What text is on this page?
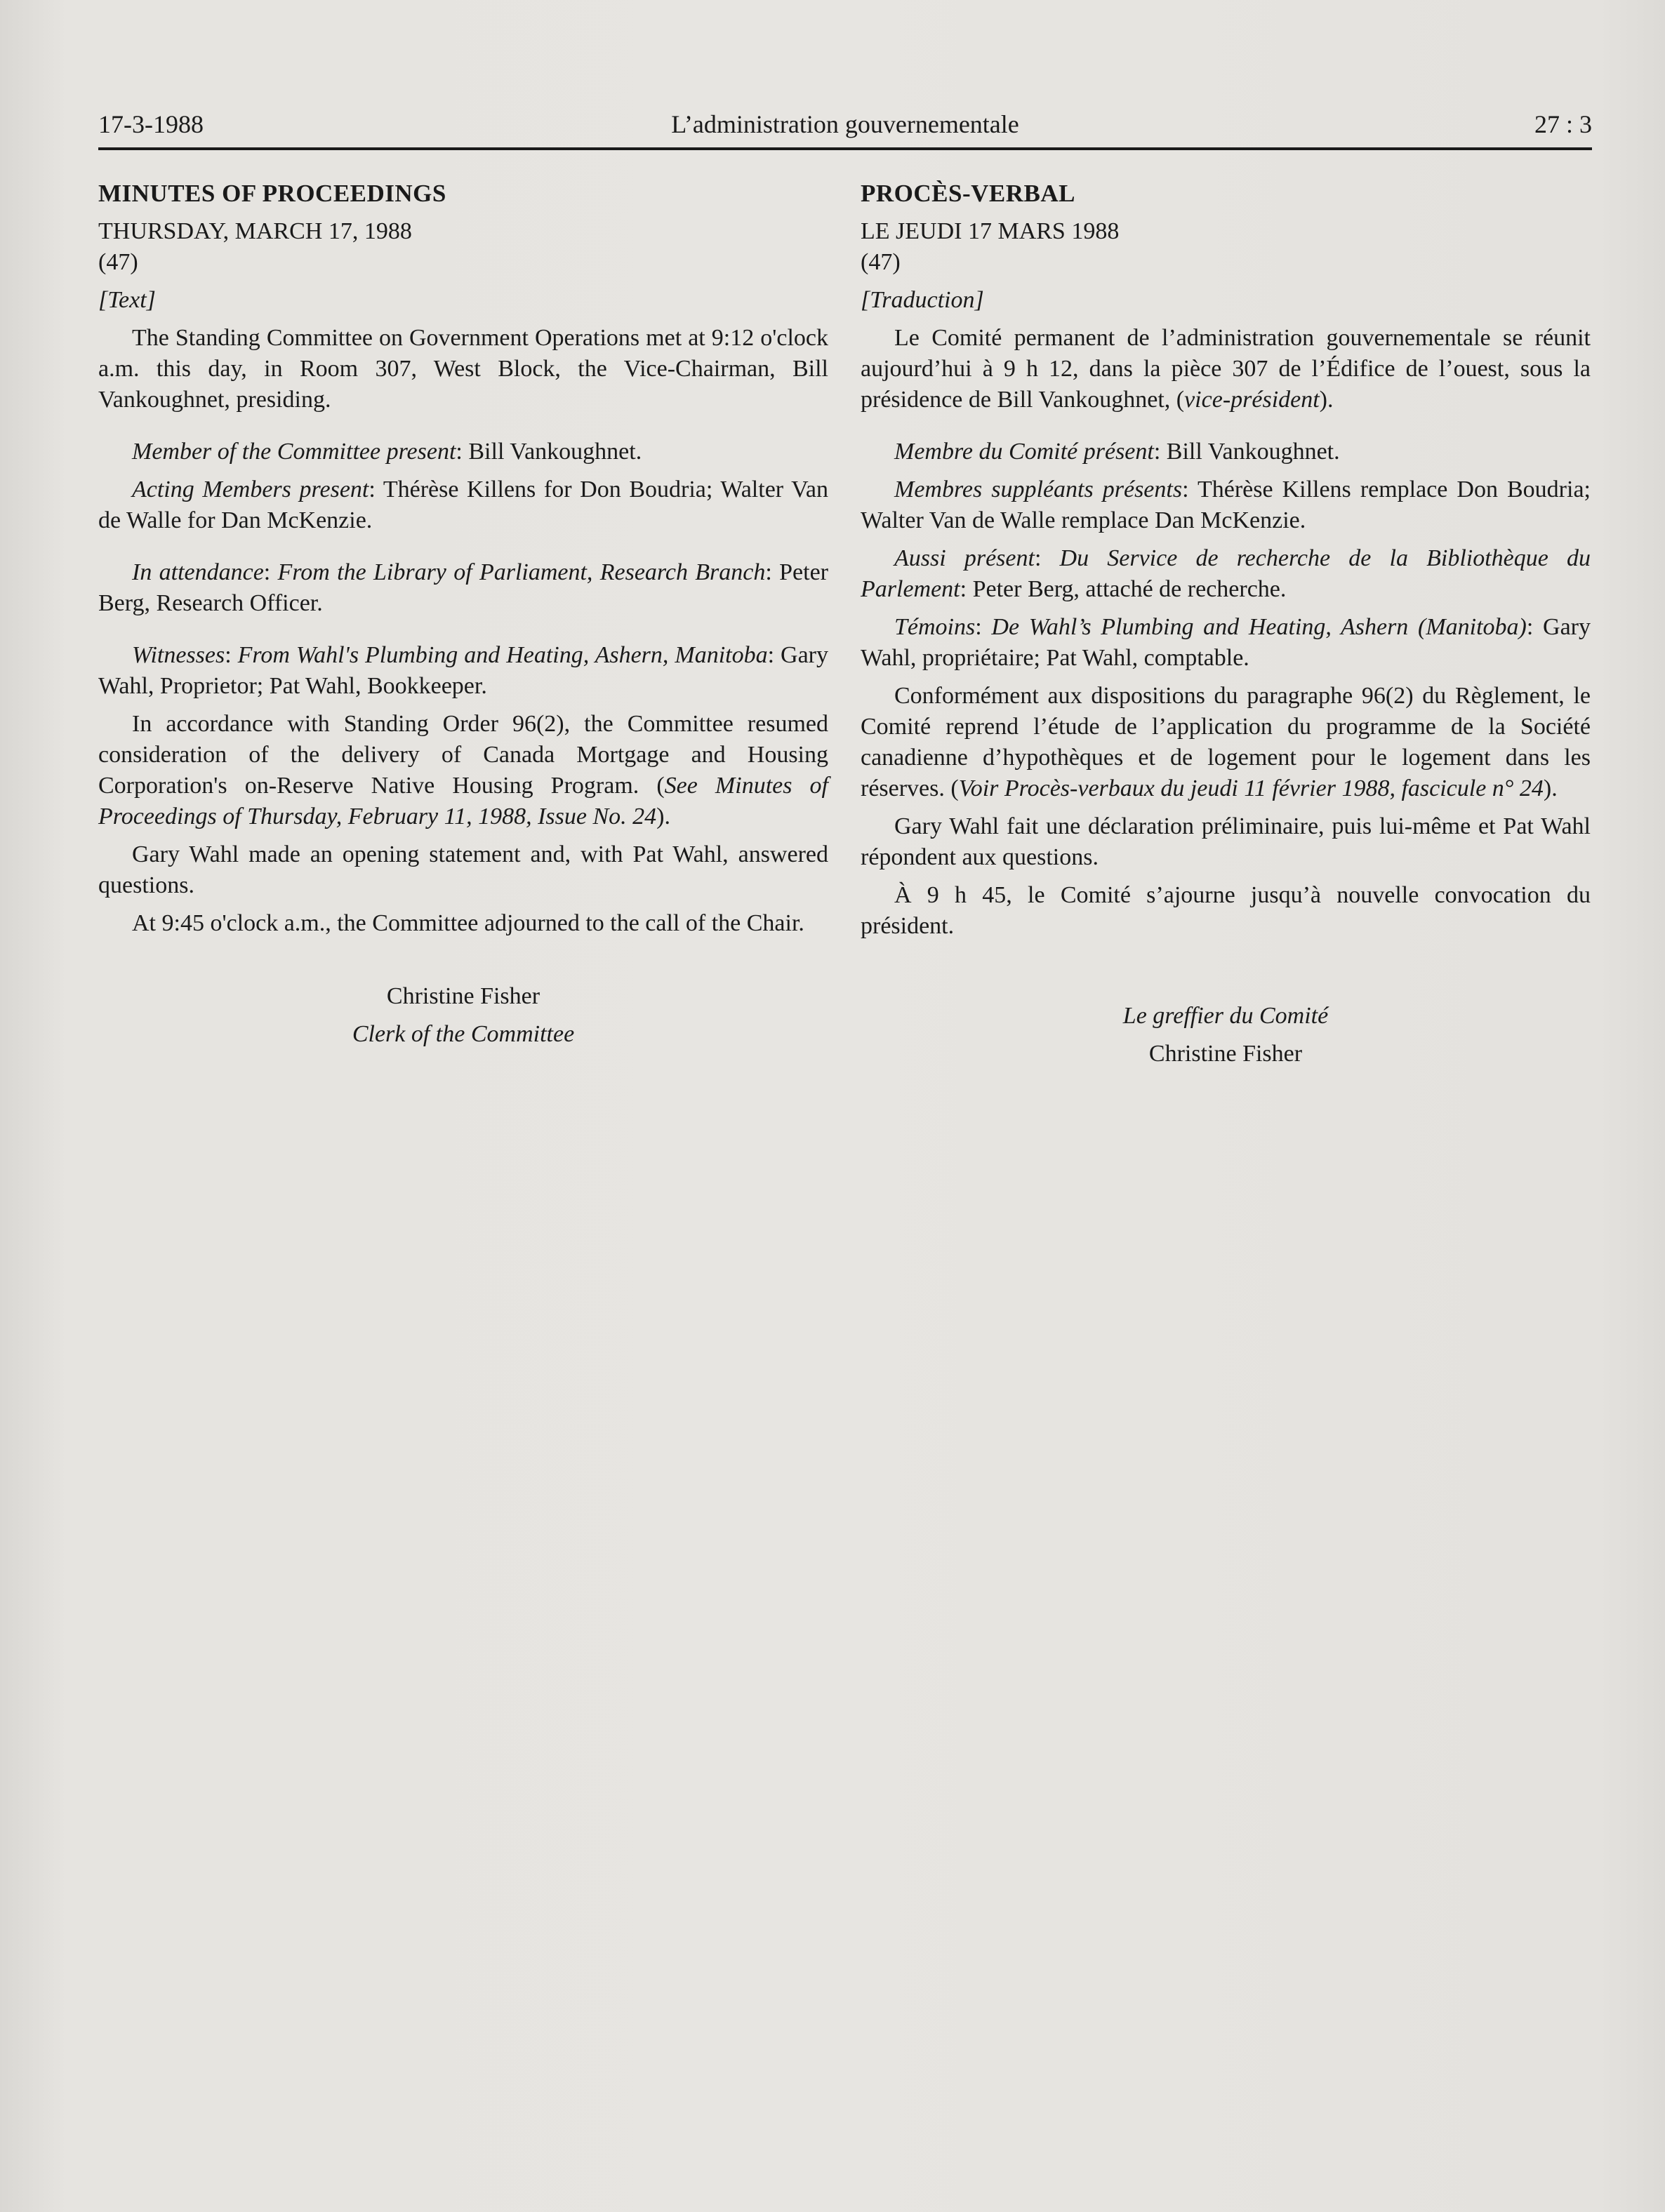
17-3-1988	L’administration gouvernementale	27 : 3

MINUTES OF PROCEEDINGS

THURSDAY, MARCH 17, 1988

(47)

[Text]

The Standing Committee on Government Operations met at 9:12 o'clock a.m. this day, in Room 307, West Block, the Vice-Chairman, Bill Vankoughnet, presiding.

Member of the Committee present: Bill Vankoughnet.

Acting Members present: Thérèse Killens for Don Boudria; Walter Van de Walle for Dan McKenzie.

In attendance: From the Library of Parliament, Research Branch: Peter Berg, Research Officer.

Witnesses: From Wahl's Plumbing and Heating, Ashern, Manitoba: Gary Wahl, Proprietor; Pat Wahl, Bookkeeper.

In accordance with Standing Order 96(2), the Committee resumed consideration of the delivery of Canada Mortgage and Housing Corporation's on-Reserve Native Housing Program. (See Minutes of Proceedings of Thursday, February 11, 1988, Issue No. 24).

Gary Wahl made an opening statement and, with Pat Wahl, answered questions.

At 9:45 o'clock a.m., the Committee adjourned to the call of the Chair.

Christine Fisher

Clerk of the Committee

PROCÈS-VERBAL

LE JEUDI 17 MARS 1988

(47)

[Traduction]

Le Comité permanent de l’administration gouvernementale se réunit aujourd’hui à 9 h 12, dans la pièce 307 de l’Édifice de l’ouest, sous la présidence de Bill Vankoughnet, (vice-président).

Membre du Comité présent: Bill Vankoughnet.

Membres suppléants présents: Thérèse Killens remplace Don Boudria; Walter Van de Walle remplace Dan McKenzie.

Aussi présent: Du Service de recherche de la Bibliothèque du Parlement: Peter Berg, attaché de recherche.

Témoins: De Wahl’s Plumbing and Heating, Ashern (Manitoba): Gary Wahl, propriétaire; Pat Wahl, comptable.

Conformément aux dispositions du paragraphe 96(2) du Règlement, le Comité reprend l’étude de l’application du programme de la Société canadienne d’hypothèques et de logement pour le logement dans les réserves. (Voir Procès-verbaux du jeudi 11 février 1988, fascicule n° 24).

Gary Wahl fait une déclaration préliminaire, puis lui-même et Pat Wahl répondent aux questions.

À 9 h 45, le Comité s’ajourne jusqu’à nouvelle convocation du président.

Le greffier du Comité

Christine Fisher
